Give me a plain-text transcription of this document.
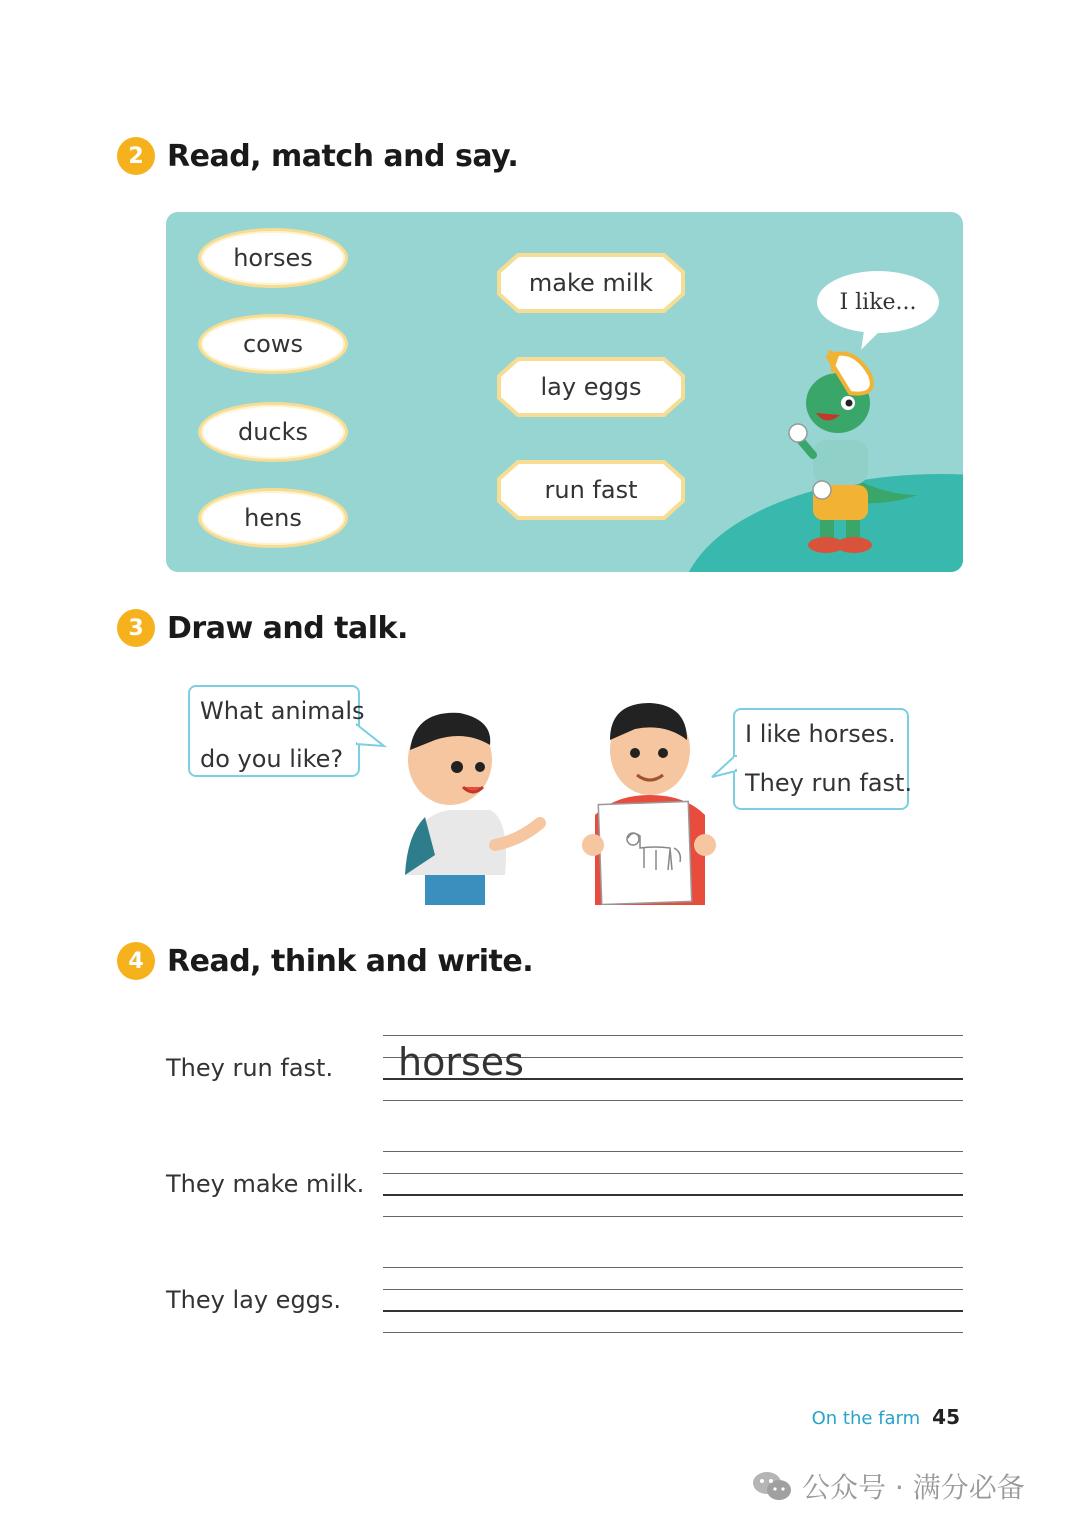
2 Read, match and say.
horses
cows
ducks
hens
make milk
lay eggs
run fast
I like...
3 Draw and talk.
What animals
do you like?
I like horses.
They run fast.
4 Read, think and write.
They run fast. horses
They make milk.
They lay eggs.
On the farm 45
公众号 · 满分必备
